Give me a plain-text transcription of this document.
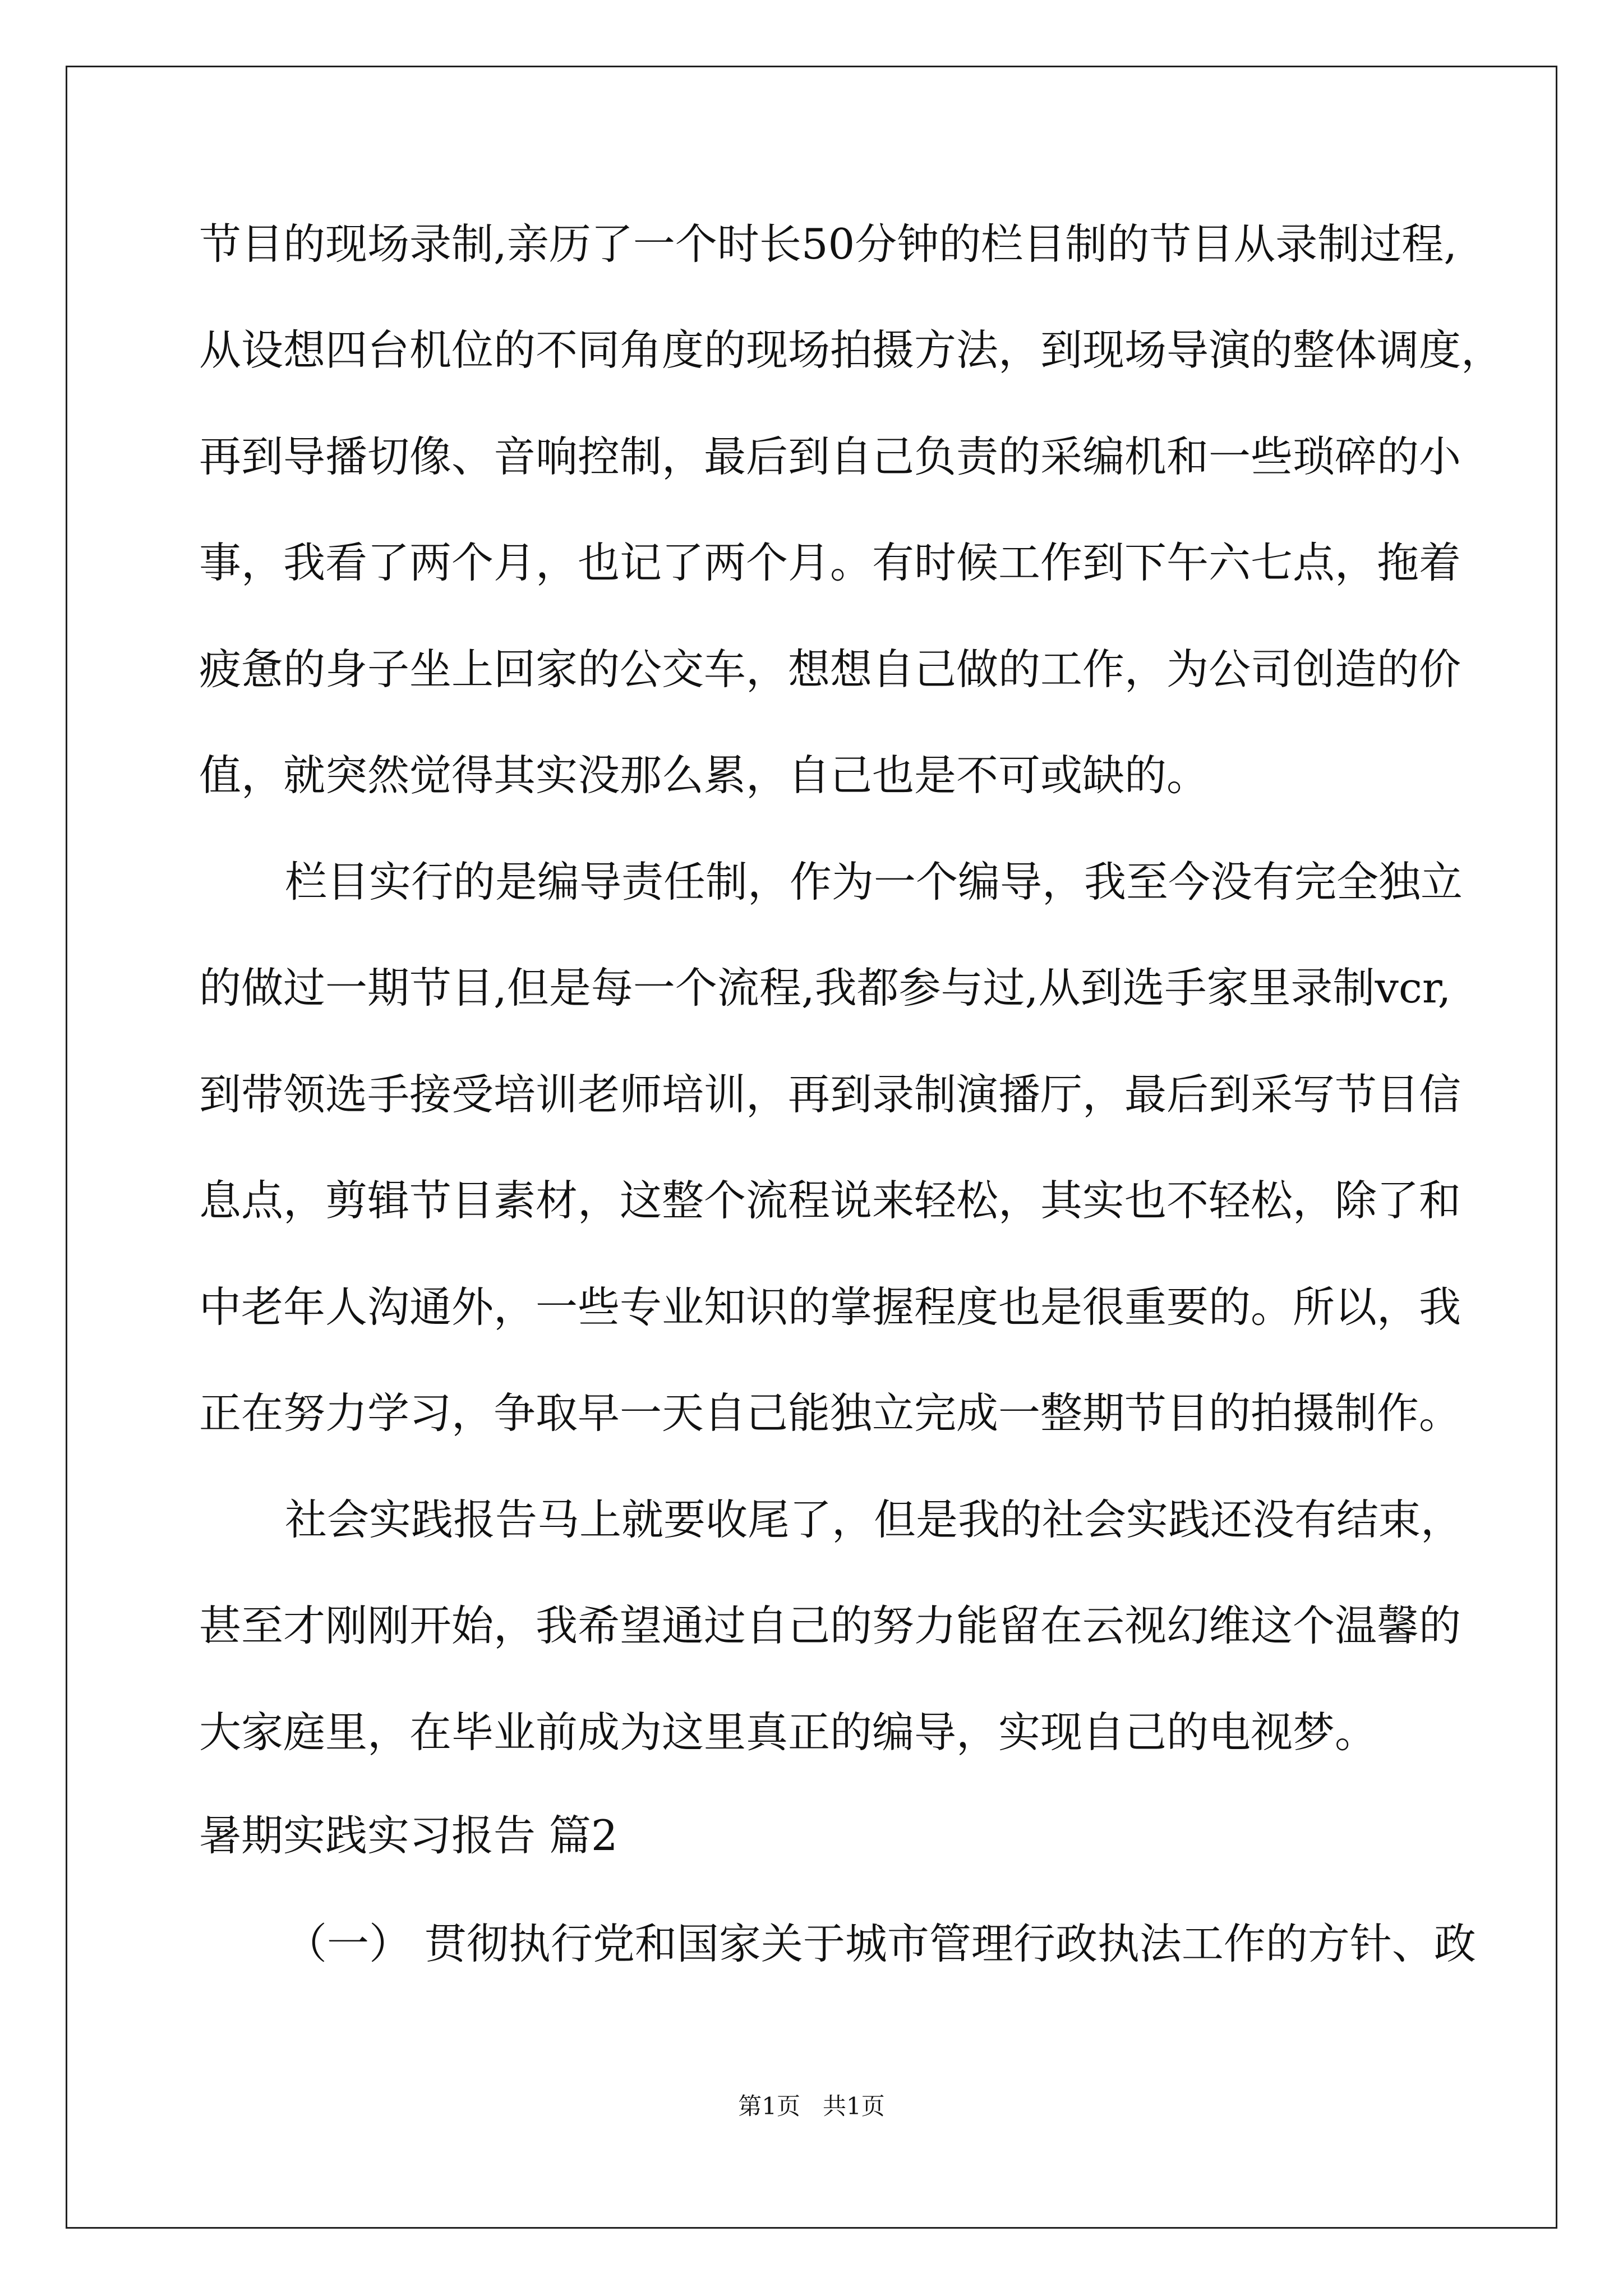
节目的现场录制,亲历了一个时长50分钟的栏目制的节目从录制过程,

从设想四台机位的不同角度的现场拍摄方法，到现场导演的整体调度，

再到导播切像、音响控制，最后到自己负责的采编机和一些琐碎的小

事，我看了两个月，也记了两个月。有时候工作到下午六七点，拖着

疲惫的身子坐上回家的公交车，想想自己做的工作，为公司创造的价

值，就突然觉得其实没那么累，自己也是不可或缺的。

栏目实行的是编导责任制，作为一个编导，我至今没有完全独立

的做过一期节目,但是每一个流程,我都参与过,从到选手家里录制vcr,

到带领选手接受培训老师培训，再到录制演播厅，最后到采写节目信

息点，剪辑节目素材，这整个流程说来轻松，其实也不轻松，除了和

中老年人沟通外，一些专业知识的掌握程度也是很重要的。所以，我

正在努力学习，争取早一天自己能独立完成一整期节目的拍摄制作。

社会实践报告马上就要收尾了，但是我的社会实践还没有结束，

甚至才刚刚开始，我希望通过自己的努力能留在云视幻维这个温馨的

大家庭里，在毕业前成为这里真正的编导，实现自己的电视梦。

暑期实践实习报告 篇2

（一） 贯彻执行党和国家关于城市管理行政执法工作的方针、政

第1页   共1页
